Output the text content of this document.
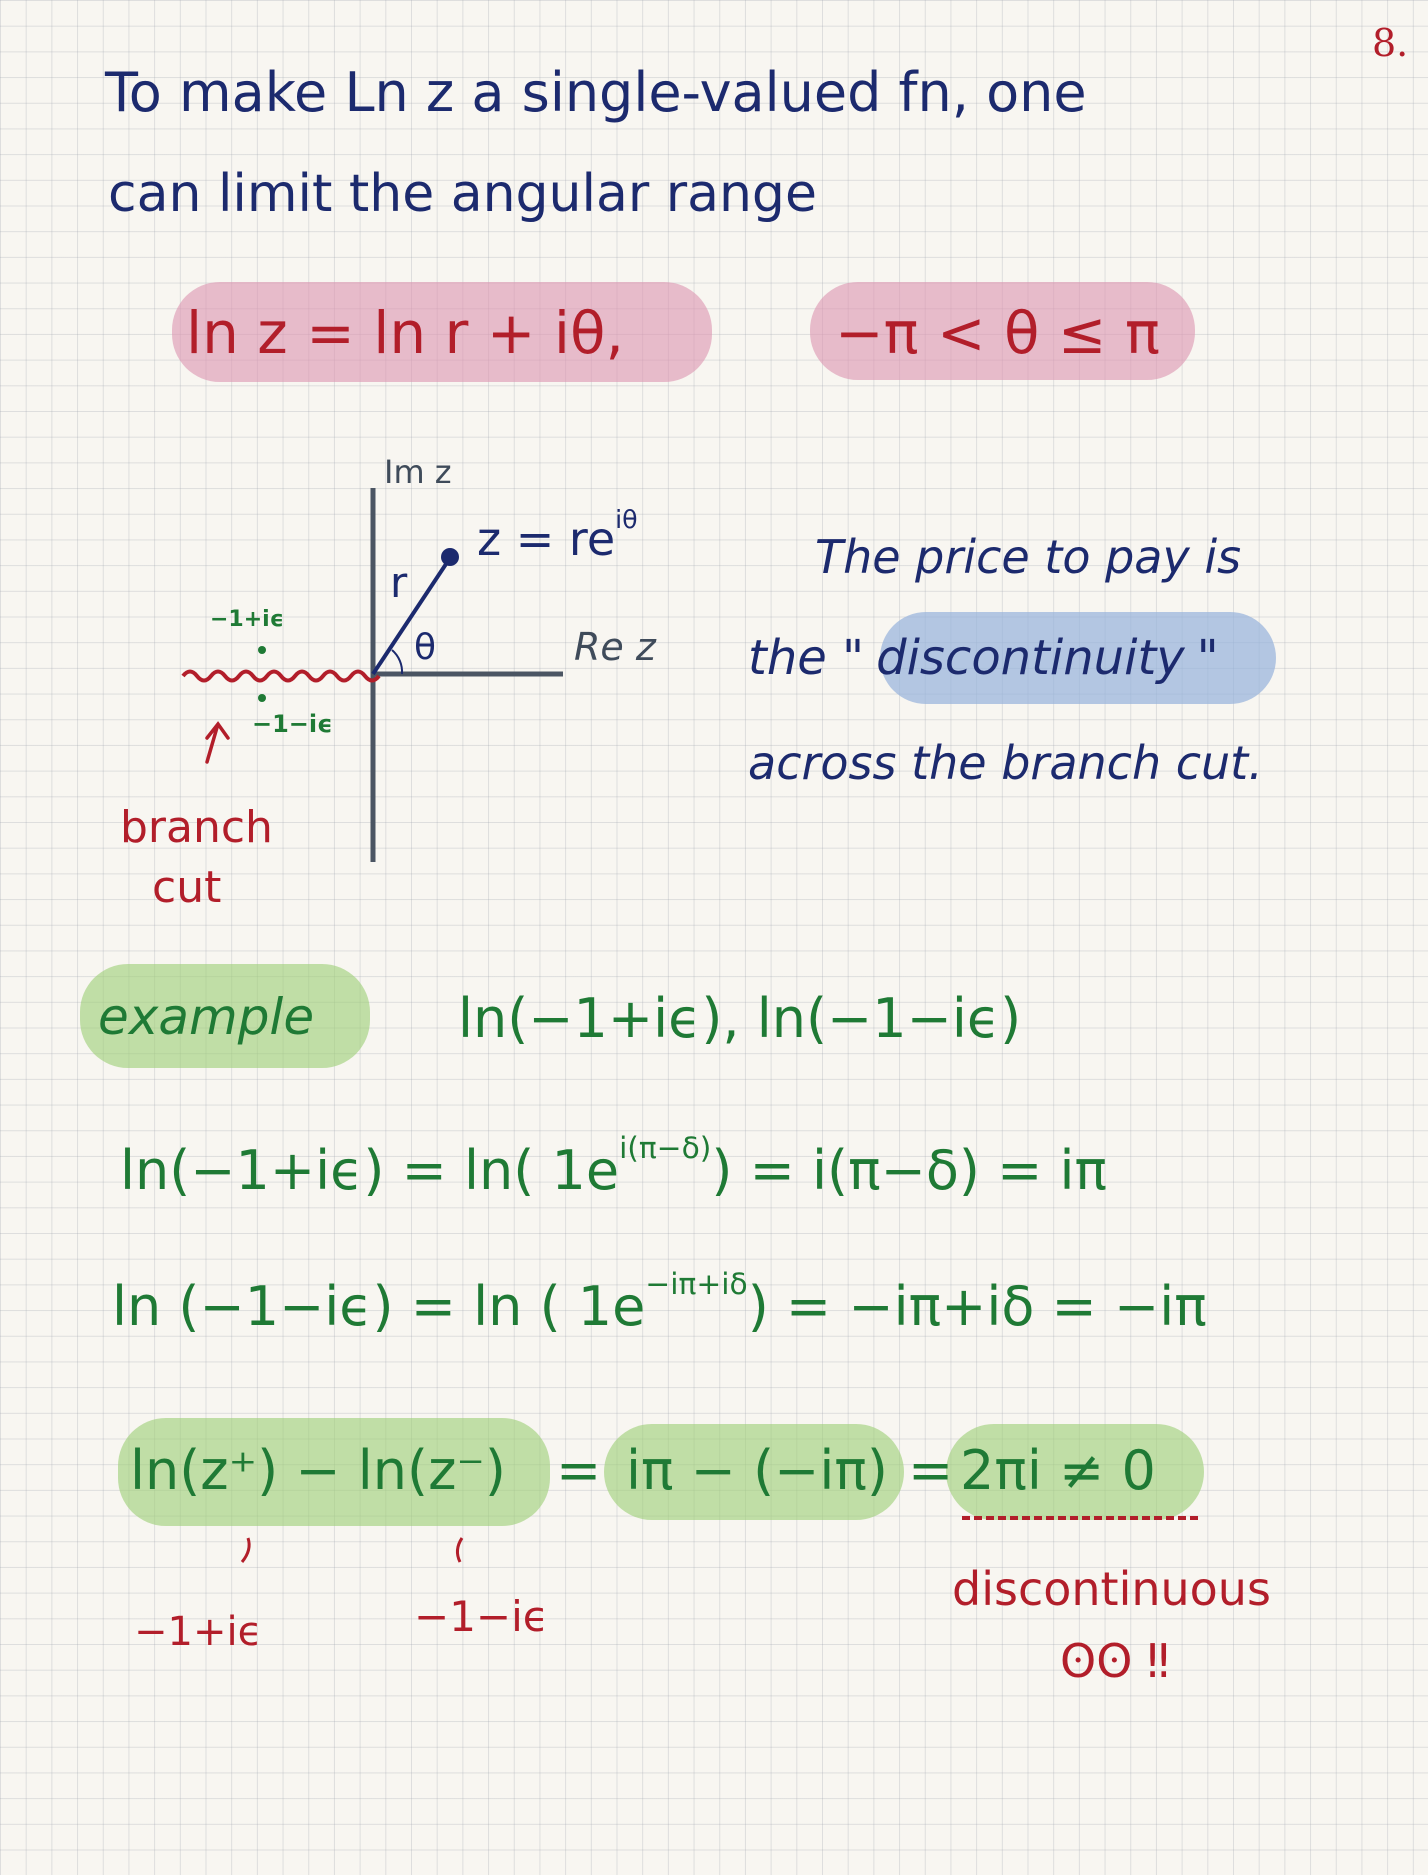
8.
To make Ln z a single-valued fn, one
can limit the angular range
ln z = ln r + iθ,	−π < θ ≤ π
Im z
Re z
$z = re^{i\theta}$
r
θ
−1+iϵ
−1−iϵ
branch
cut
The price to pay is
the " discontinuity "
across the branch cut.
example	ln(−1+iϵ), ln(−1−iϵ)
ln(−1+iϵ) = ln( $1e^{i(\pi-\delta)}) = i(\pi-\delta) = i\pi$
ln (−1−iϵ) = ln ( $1e^{-i\pi+i\delta}) = -i\pi+i\delta = -i\pi$
ln(z⁺) − ln(z⁻) = iπ − (−iπ) = 2πi ≠ 0
−1+iϵ	−1−iϵ
discontinuous
ʘʘ ‼
